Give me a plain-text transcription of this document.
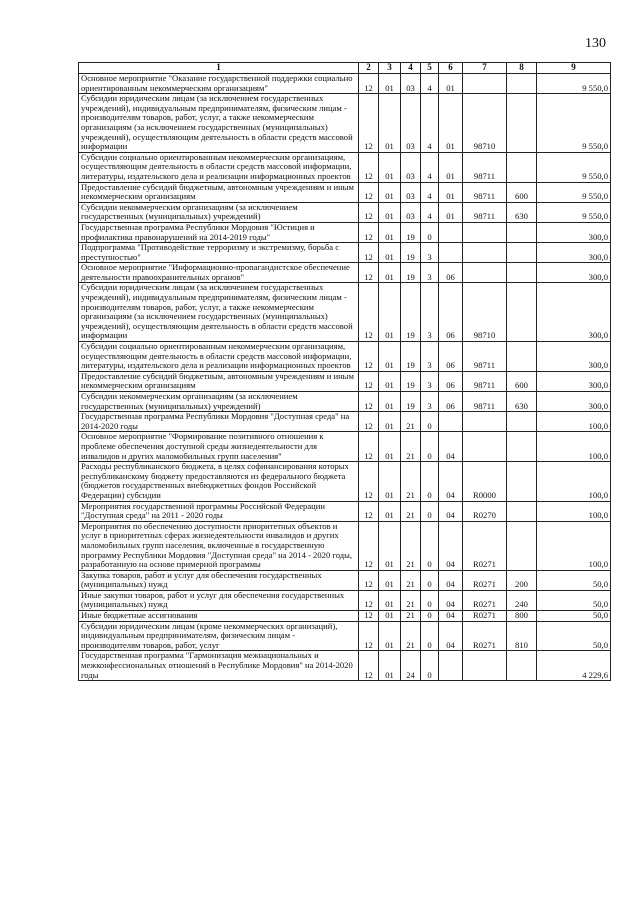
130
1	2	3	4	5	6	7	8	9
Основное мероприятие "Оказание государственной поддержки социально ориентированным некоммерческим организациям"	12	01	03	4	01			9 550,0
Субсидии юридическим лицам (за исключением государственных учреждений), индивидуальным предпринимателям, физическим лицам - производителям товаров, работ, услуг, а также некоммерческим организациям (за исключением государственных (муниципальных) учреждений), осуществляющим деятельность в области средств массовой информации	12	01	03	4	01	98710		9 550,0
Субсидии социально ориентированным некоммерческим организациям, осуществляющим деятельность в области средств массовой информации, литературы, издательского дела и реализации информационных проектов	12	01	03	4	01	98711		9 550,0
Предоставление субсидий бюджетным, автономным учреждениям и иным некоммерческим организациям	12	01	03	4	01	98711	600	9 550,0
Субсидии некоммерческим организациям (за исключением государственных (муниципальных) учреждений)	12	01	03	4	01	98711	630	9 550,0
Государственная программа Республики Мордовия "Юстиция и профилактика правонарушений на 2014-2019 годы"	12	01	19	0				300,0
Подпрограмма "Противодействие терроризму и экстремизму, борьба с преступностью"	12	01	19	3				300,0
Основное мероприятие "Информационно-пропагандистское обеспечение деятельности правоохранительных органов"	12	01	19	3	06			300,0
Субсидии юридическим лицам (за исключением государственных учреждений), индивидуальным предпринимателям, физическим лицам - производителям товаров, работ, услуг, а также некоммерческим организациям (за исключением государственных (муниципальных) учреждений), осуществляющим деятельность в области средств массовой информации	12	01	19	3	06	98710		300,0
Субсидии социально ориентированным некоммерческим организациям, осуществляющим деятельность в области средств массовой информации, литературы, издательского дела и реализации информационных проектов	12	01	19	3	06	98711		300,0
Предоставление субсидий бюджетным, автономным учреждениям и иным некоммерческим организациям	12	01	19	3	06	98711	600	300,0
Субсидии некоммерческим организациям (за исключением государственных (муниципальных) учреждений)	12	01	19	3	06	98711	630	300,0
Государственная программа Республики Мордовия "Доступная среда" на 2014-2020 годы	12	01	21	0				100,0
Основное мероприятие "Формирование позитивного отношения к проблеме обеспечения доступной среды жизнедеятельности для инвалидов и других маломобильных групп населения"	12	01	21	0	04			100,0
Расходы республиканского бюджета, в целях софинансирования которых республиканскому бюджету предоставляются из федерального бюджета (бюджетов государственных внебюджетных фондов Российской Федерации) субсидии	12	01	21	0	04	R0000		100,0
Мероприятия государственной программы Российской Федерации "Доступная среда" на 2011 - 2020 годы	12	01	21	0	04	R0270		100,0
Мероприятия по обеспечению доступности приоритетных объектов и услуг в приоритетных сферах жизнедеятельности инвалидов и других маломобильных групп населения, включенные в государственную программу Республики Мордовия "Доступная среда" на 2014 - 2020 годы, разработанную на основе примерной программы	12	01	21	0	04	R0271		100,0
Закупка товаров, работ и услуг для обеспечения государственных (муниципальных) нужд	12	01	21	0	04	R0271	200	50,0
Иные закупки товаров, работ и услуг для обеспечения государственных (муниципальных) нужд	12	01	21	0	04	R0271	240	50,0
Иные бюджетные ассигнования	12	01	21	0	04	R0271	800	50,0
Субсидии юридическим лицам (кроме некоммерческих организаций), индивидуальным предпринимателям, физическим лицам - производителям товаров, работ, услуг	12	01	21	0	04	R0271	810	50,0
Государственная программа "Гармонизация межнациональных и межконфессиональных отношений в Республике Мордовия" на 2014-2020 годы	12	01	24	0				4 229,6
